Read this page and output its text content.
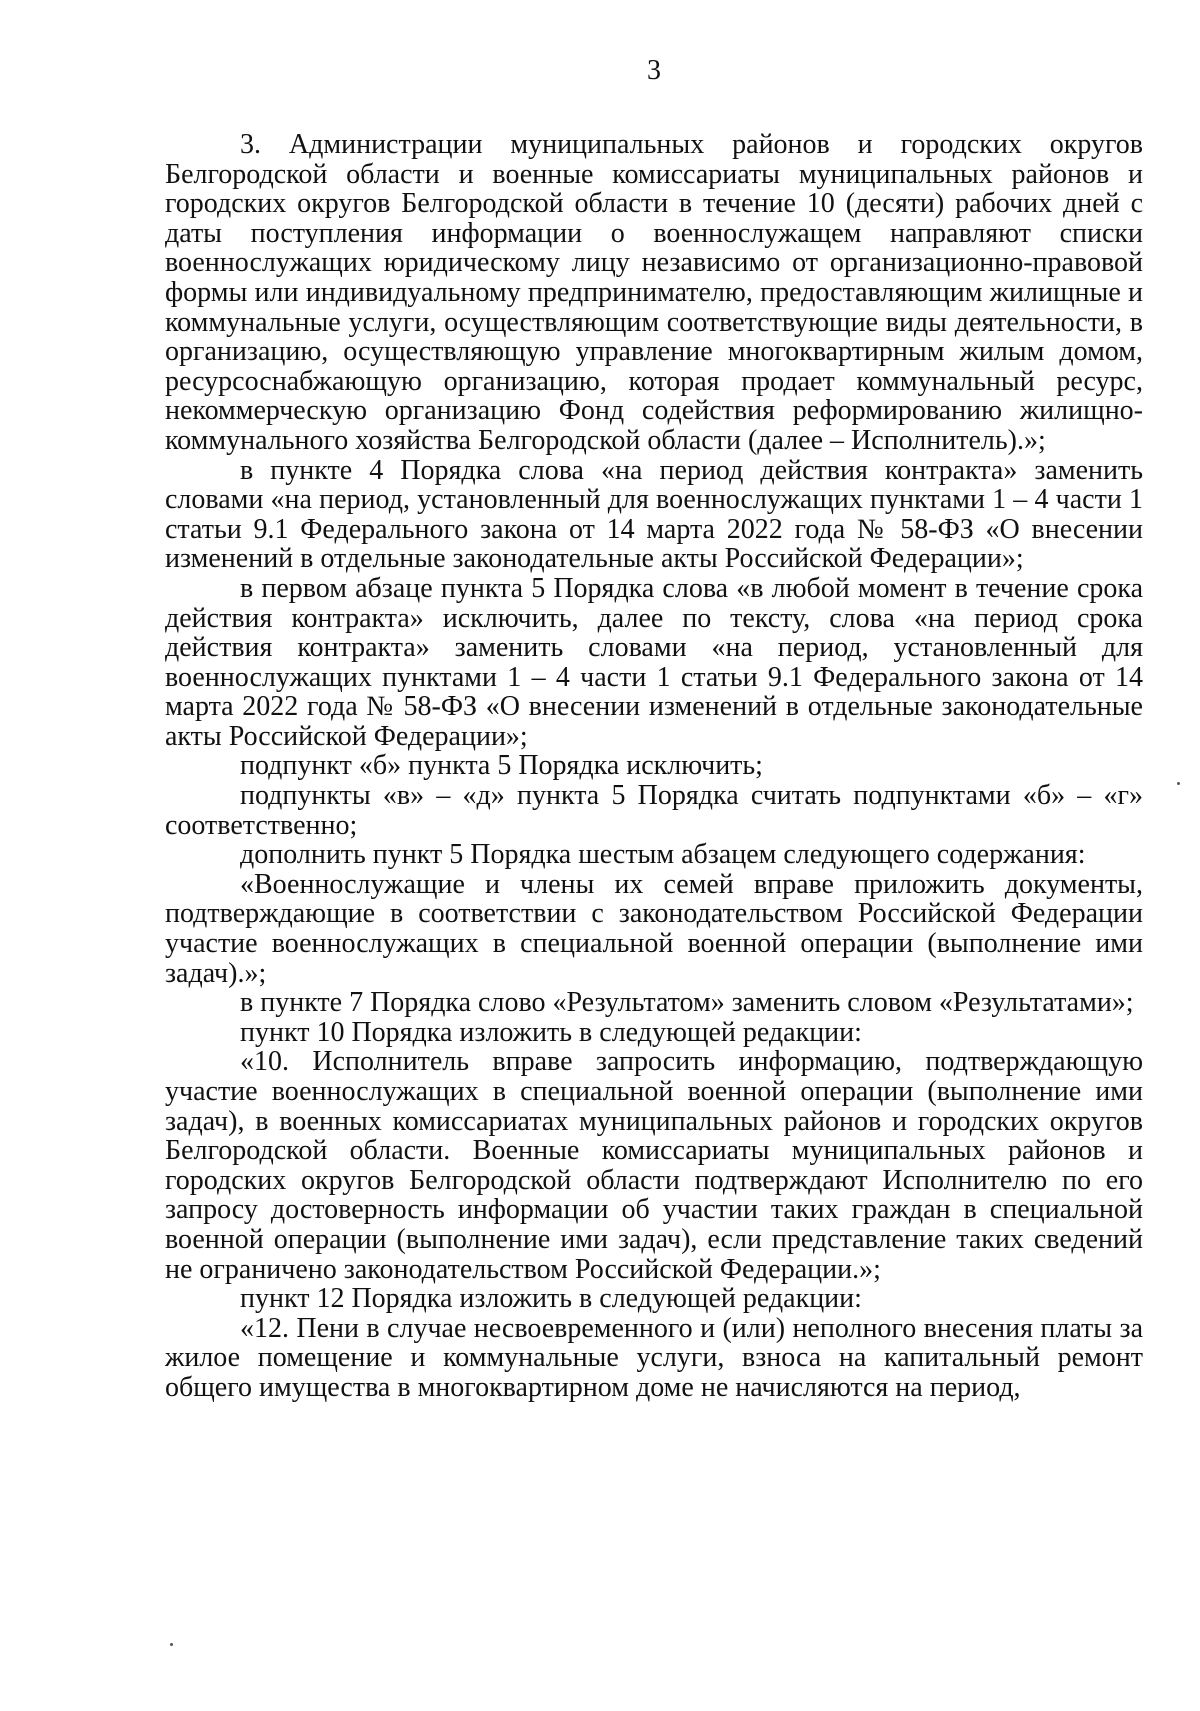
3

3. Администрации муниципальных районов и городских округов Белгородской области и военные комиссариаты муниципальных районов и городских округов Белгородской области в течение 10 (десяти) рабочих дней с даты поступления информации о военнослужащем направляют списки военнослужащих юридическому лицу независимо от организационно-правовой формы или индивидуальному предпринимателю, предоставляющим жилищные и коммунальные услуги, осуществляющим соответствующие виды деятельности, в организацию, осуществляющую управление многоквартирным жилым домом, ресурсоснабжающую организацию, которая продает коммунальный ресурс, некоммерческую организацию Фонд содействия реформированию жилищно-коммунального хозяйства Белгородской области (далее – Исполнитель).»;

в пункте 4 Порядка слова «на период действия контракта» заменить словами «на период, установленный для военнослужащих пунктами 1 – 4 части 1 статьи 9.1 Федерального закона от 14 марта 2022 года № 58-ФЗ «О внесении изменений в отдельные законодательные акты Российской Федерации»;

в первом абзаце пункта 5 Порядка слова «в любой момент в течение срока действия контракта» исключить, далее по тексту, слова «на период срока действия контракта» заменить словами «на период, установленный для военнослужащих пунктами 1 – 4 части 1 статьи 9.1 Федерального закона от 14 марта 2022 года № 58-ФЗ «О внесении изменений в отдельные законодательные акты Российской Федерации»;

подпункт «б» пункта 5 Порядка исключить;

подпункты «в» – «д» пункта 5 Порядка считать подпунктами «б» – «г» соответственно;

дополнить пункт 5 Порядка шестым абзацем следующего содержания:

«Военнослужащие и члены их семей вправе приложить документы, подтверждающие в соответствии с законодательством Российской Федерации участие военнослужащих в специальной военной операции (выполнение ими задач).»;

в пункте 7 Порядка слово «Результатом» заменить словом «Результатами»;

пункт 10 Порядка изложить в следующей редакции:

«10. Исполнитель вправе запросить информацию, подтверждающую участие военнослужащих в специальной военной операции (выполнение ими задач), в военных комиссариатах муниципальных районов и городских округов Белгородской области. Военные комиссариаты муниципальных районов и городских округов Белгородской области подтверждают Исполнителю по его запросу достоверность информации об участии таких граждан в специальной военной операции (выполнение ими задач), если представление таких сведений не ограничено законодательством Российской Федерации.»;

пункт 12 Порядка изложить в следующей редакции:

«12. Пени в случае несвоевременного и (или) неполного внесения платы за жилое помещение и коммунальные услуги, взноса на капитальный ремонт общего имущества в многоквартирном доме не начисляются на период,
